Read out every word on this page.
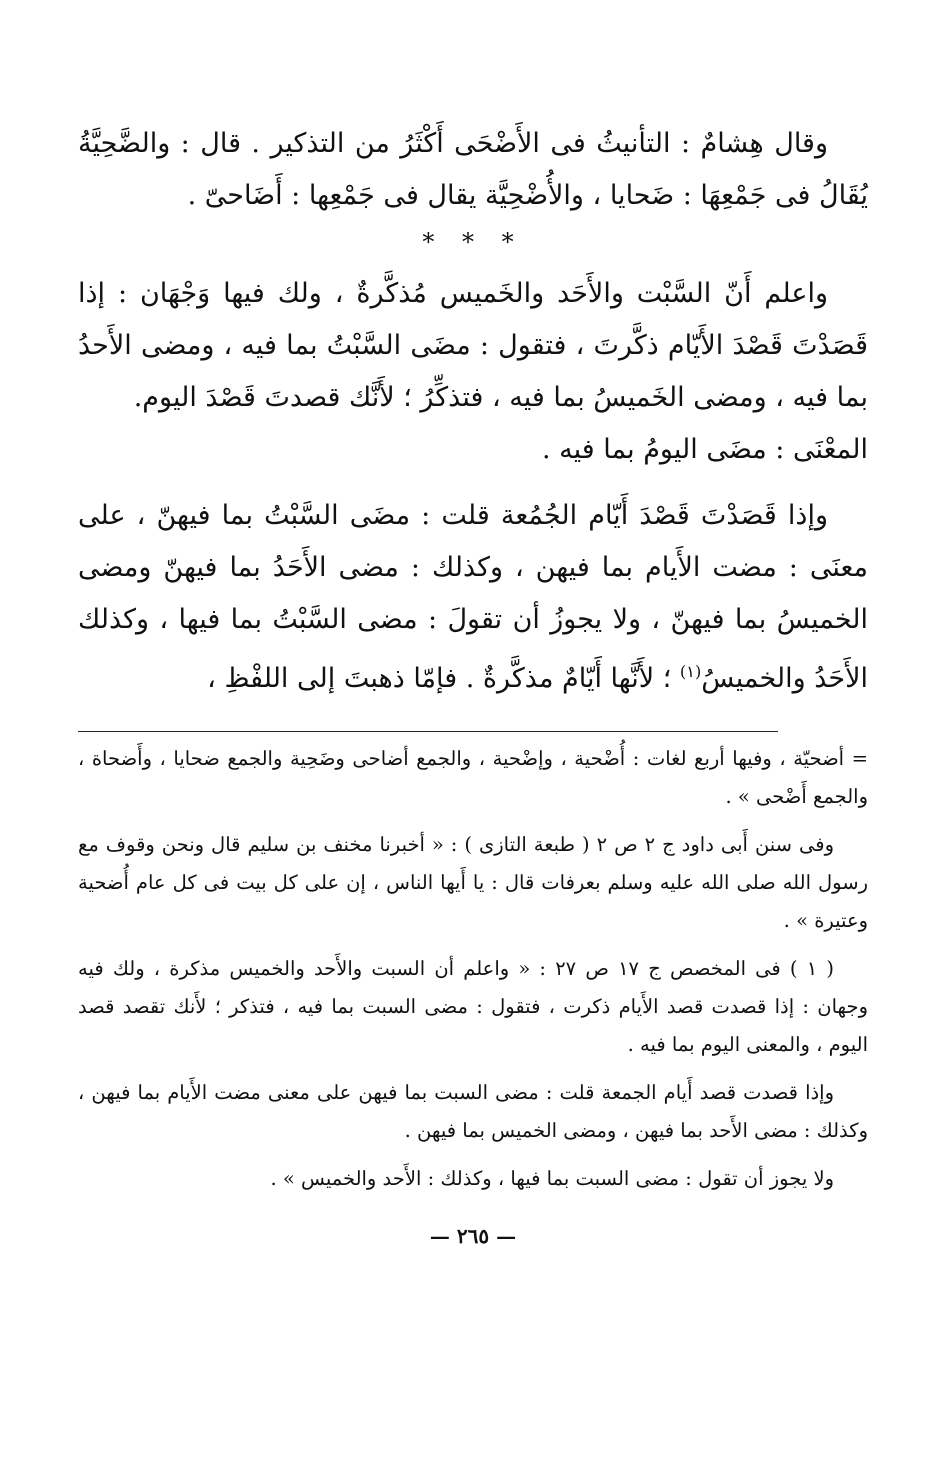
وقال هِشامٌ : التأنيثُ فى الأَضْحَى أَكْثَرُ من التذكير . قال : والضَّحِيَّةُ يُقَالُ فى جَمْعِهَا : ضَحايا ، والأُضْحِيَّة يقال فى جَمْعِها : أَضَاحىّ .

* * *

واعلم أَنّ السَّبْت والأَحَد والخَميس مُذكَّرةٌ ، ولك فيها وَجْهَان : إذا قَصَدْتَ قَصْدَ الأَيّام ذكَّرتَ ، فتقول : مضَى السَّبْتُ بما فيه ، ومضى الأَحدُ بما فيه ، ومضى الخَميسُ بما فيه ، فتذكِّرُ ؛ لأَنَّك قصدتَ قَصْدَ اليوم.

المعْنَى : مضَى اليومُ بما فيه .

وإذا قَصَدْتَ قَصْدَ أَيّام الجُمُعة قلت : مضَى السَّبْتُ بما فيهنّ ، على معنَى : مضت الأَيام بما فيهن ، وكذلك : مضى الأَحَدُ بما فيهنّ ومضى الخميسُ بما فيهنّ ، ولا يجوزُ أن تقولَ : مضى السَّبْتُ بما فيها ، وكذلك الأَحَدُ والخميسُ$^{(١)}$ ؛ لأَنَّها أَيّامٌ مذكَّرةٌ . فإمّا ذهبتَ إلى اللفْظِ ،

= أضحيّة ، وفيها أربع لغات : أُضْحية ، وإضْحية ، والجمع أضاحى وضَحِية والجمع ضحايا ، وأَضحاة ، والجمع أَضْحى » .

وفى سنن أَبى داود ج ٢ ص ٢ ( طبعة التازى ) : « أخبرنا مخنف بن سليم قال ونحن وقوف مع رسول الله صلى الله عليه وسلم بعرفات قال : يا أَيها الناس ، إن على كل بيت فى كل عام أُضحية وعتيرة » .

( ١ ) فى المخصص ج ١٧ ص ٢٧ : « واعلم أن السبت والأَحد والخميس مذكرة ، ولك فيه وجهان : إذا قصدت قصد الأَيام ذكرت ، فتقول : مضى السبت بما فيه ، فتذكر ؛ لأَنك تقصد قصد اليوم ، والمعنى اليوم بما فيه .

وإذا قصدت قصد أَيام الجمعة قلت : مضى السبت بما فيهن على معنى مضت الأَيام بما فيهن ، وكذلك : مضى الأَحد بما فيهن ، ومضى الخميس بما فيهن .

ولا يجوز أن تقول : مضى السبت بما فيها ، وكذلك : الأَحد والخميس » .

— ٢٦٥ —
